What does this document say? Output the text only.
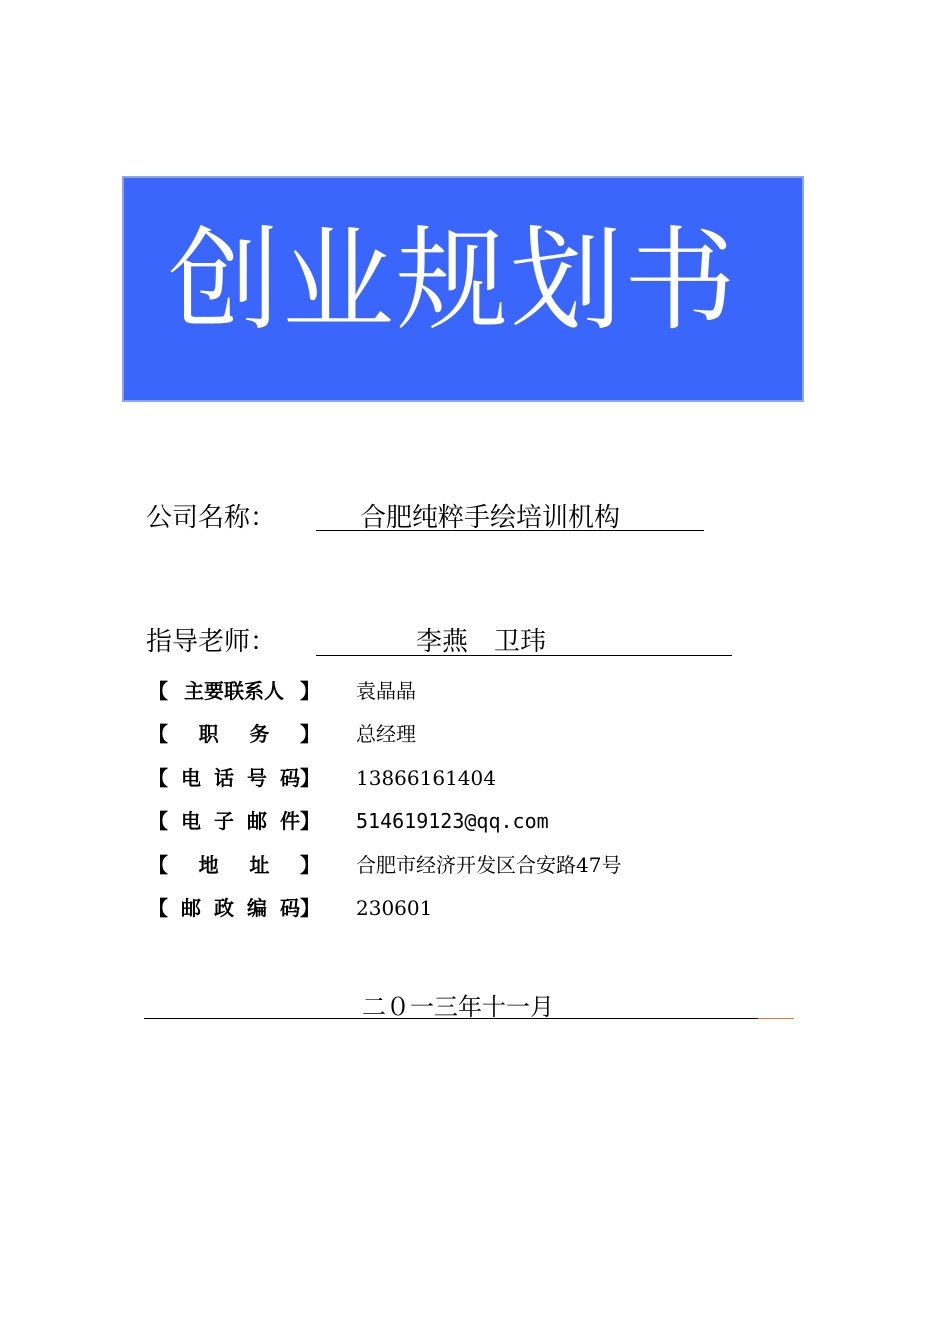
创业规划书
公司名称：	合肥纯粹手绘培训机构
指导老师：	李燕　卫玮
【 主要联系人 】 袁晶晶
【 职 务 】 总经理
【 电 话 号 码】 13866161404
【 电 子 邮 件】 514619123@qq.com
【 地 址 】 合肥市经济开发区合安路47号
【 邮 政 编 码】 230601
二０一三年十一月
